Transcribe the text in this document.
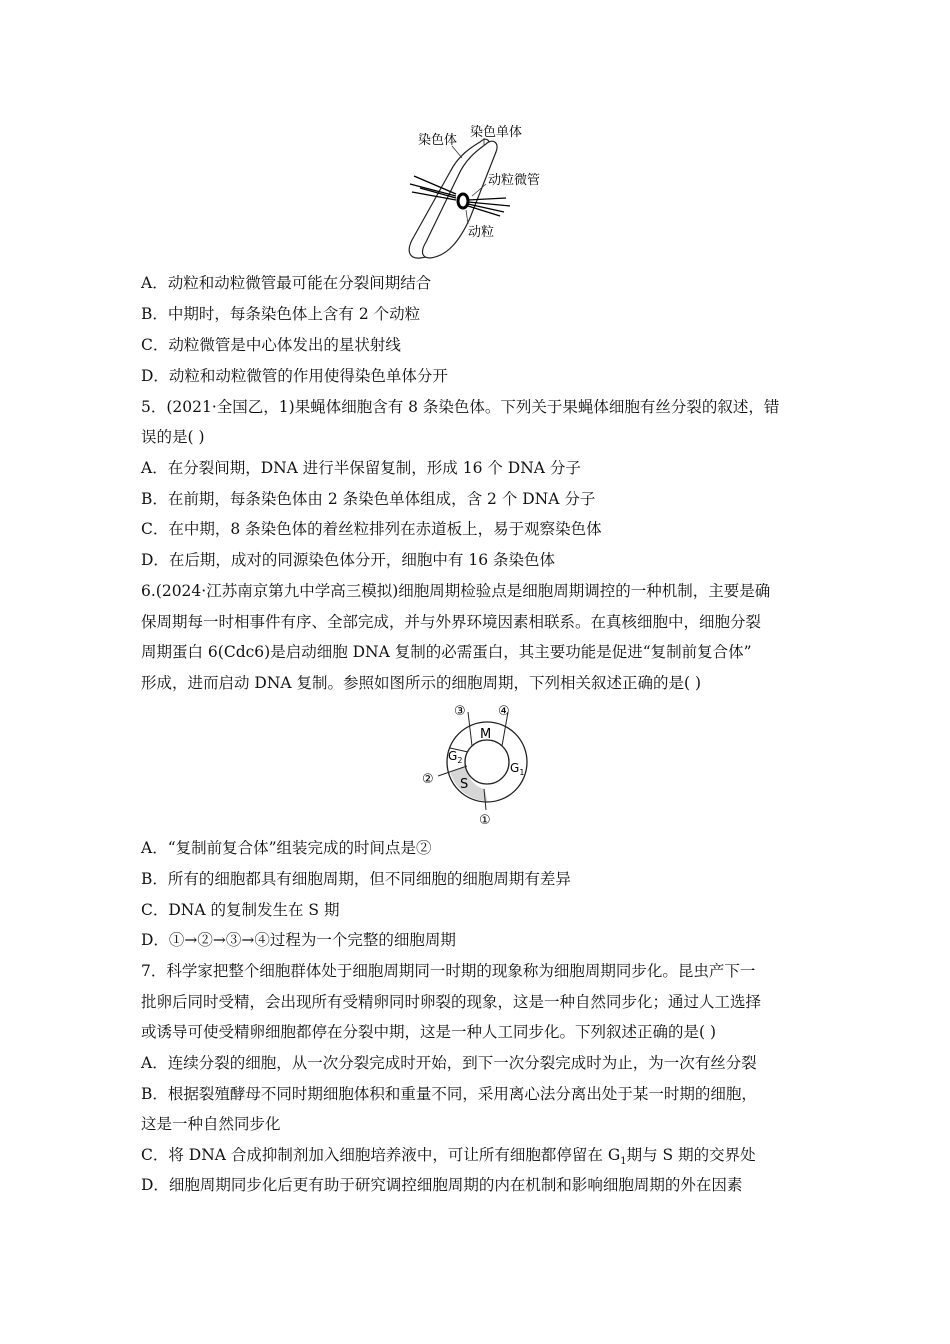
染色体
染色单体
动粒微管
动粒
A．动粒和动粒微管最可能在分裂间期结合
B．中期时，每条染色体上含有 2 个动粒
C．动粒微管是中心体发出的星状射线
D．动粒和动粒微管的作用使得染色单体分开
5．(2021·全国乙，1)果蝇体细胞含有 8 条染色体。下列关于果蝇体细胞有丝分裂的叙述，错
误的是( )
A．在分裂间期，DNA 进行半保留复制，形成 16 个 DNA 分子
B．在前期，每条染色体由 2 条染色单体组成，含 2 个 DNA 分子
C．在中期，8 条染色体的着丝粒排列在赤道板上，易于观察染色体
D．在后期，成对的同源染色体分开，细胞中有 16 条染色体
6.(2024·江苏南京第九中学高三模拟)细胞周期检验点是细胞周期调控的一种机制，主要是确
保周期每一时相事件有序、全部完成，并与外界环境因素相联系。在真核细胞中，细胞分裂
周期蛋白 6(Cdc6)是启动细胞 DNA 复制的必需蛋白，其主要功能是促进“复制前复合体”
形成，进而启动 DNA 复制。参照如图所示的细胞周期，下列相关叙述正确的是( )
M
$G_2$
$G_1$
S
①
②
③ ④
A．“复制前复合体”组装完成的时间点是②
B．所有的细胞都具有细胞周期，但不同细胞的细胞周期有差异
C．DNA 的复制发生在 S 期
D．①→②→③→④过程为一个完整的细胞周期
7．科学家把整个细胞群体处于细胞周期同一时期的现象称为细胞周期同步化。昆虫产下一
批卵后同时受精，会出现所有受精卵同时卵裂的现象，这是一种自然同步化；通过人工选择
或诱导可使受精卵细胞都停在分裂中期，这是一种人工同步化。下列叙述正确的是( )
A．连续分裂的细胞，从一次分裂完成时开始，到下一次分裂完成时为止，为一次有丝分裂
B．根据裂殖酵母不同时期细胞体积和重量不同，采用离心法分离出处于某一时期的细胞，
这是一种自然同步化
C．将 DNA 合成抑制剂加入细胞培养液中，可让所有细胞都停留在 $G_1$期与 S 期的交界处
D．细胞周期同步化后更有助于研究调控细胞周期的内在机制和影响细胞周期的外在因素
